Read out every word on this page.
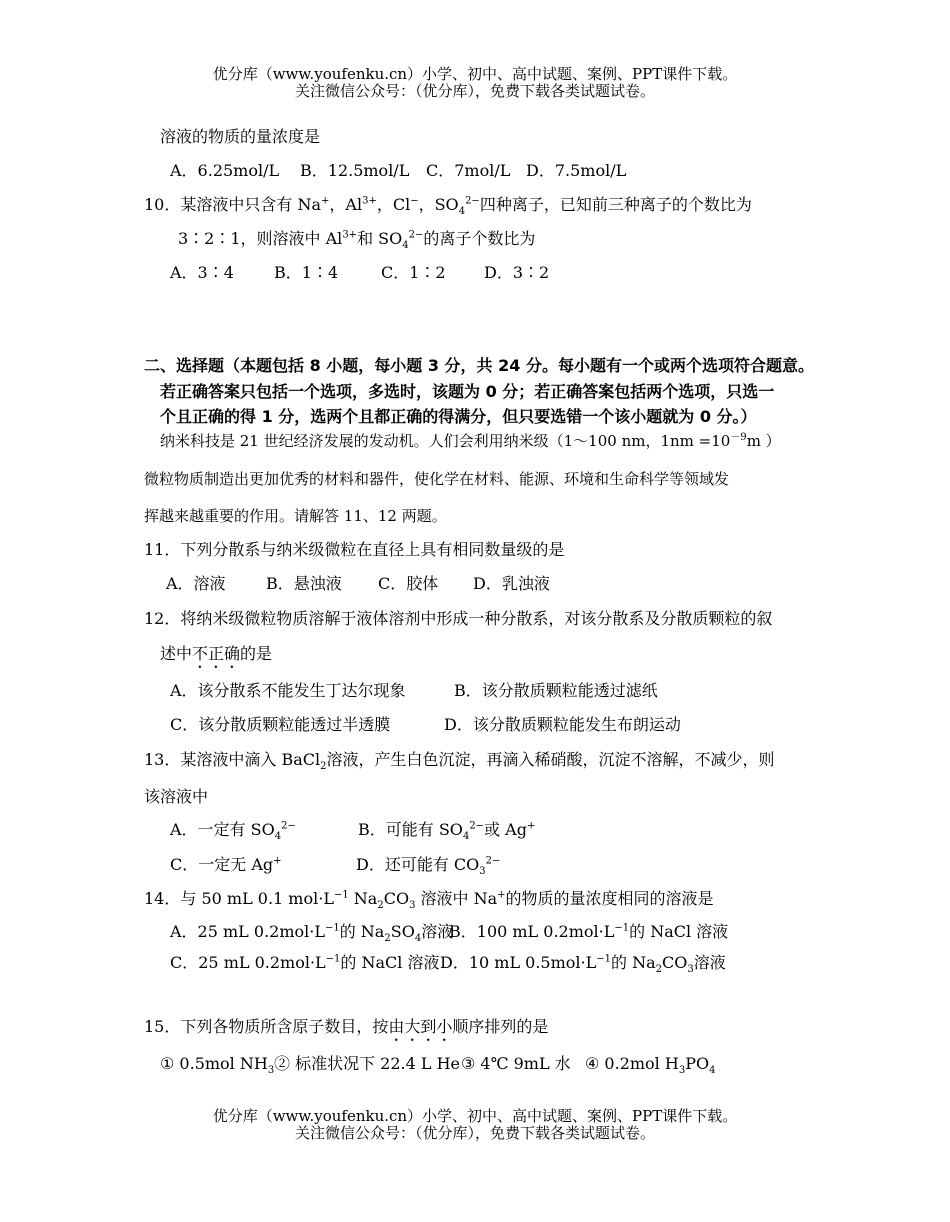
优分库（www.youfenku.cn）小学、初中、高中试题、案例、PPT课件下载。
关注微信公众号：（优分库），免费下载各类试题试卷。
溶液的物质的量浓度是
A．6.25mol/L B．12.5mol/L C．7mol/L D．7.5mol/L
10．某溶液中只含有 Na+，$Al^{3+}$，Cl−，$SO_4^{2-}$四种离子，已知前三种离子的个数比为
3∶2∶1，则溶液中 $Al^{3+}$和 $SO_4^{2-}$的离子个数比为
A．3∶4	B．1∶4	C．1∶2 D．3∶2
二、选择题（本题包括 8 小题，每小题 3 分，共 24 分。每小题有一个或两个选项符合题意。
若正确答案只包括一个选项，多选时，该题为 0 分；若正确答案包括两个选项，只选一
个且正确的得 1 分，选两个且都正确的得满分，但只要选错一个该小题就为 0 分。）
纳米科技是 21 世纪经济发展的发动机。人们会利用纳米级（1～100 nm，$1nm =10^{-9}m$ ）
微粒物质制造出更加优秀的材料和器件，使化学在材料、能源、环境和生命科学等领域发
挥越来越重要的作用。请解答 11、12 两题。
11．下列分散系与纳米级微粒在直径上具有相同数量级的是
A．溶液	B．悬浊液 C．胶体 D．乳浊液
12．将纳米级微粒物质溶解于液体溶剂中形成一种分散系，对该分散系及分散质颗粒的叙
述中不正确的是
A．该分散系不能发生丁达尔现象	B．该分散质颗粒能透过滤纸
C．该分散质颗粒能透过半透膜	D．该分散质颗粒能发生布朗运动
13．某溶液中滴入 BaCl$_2$溶液，产生白色沉淀，再滴入稀硝酸，沉淀不溶解，不减少，则
该溶液中
A．一定有 $SO_4^{2-}$	B．可能有 $SO_4^{2-}$或 Ag+
C．一定无 Ag+	D．还可能有 $CO_3^{2-}$
14．与 50 mL 0.1 $mol\cdot L^{-1}$ $Na_2CO_3$ 溶液中 Na+的物质的量浓度相同的溶液是
A．25 mL $0.2mol\cdot L^{-1}$的 $Na_2SO_4$溶液B．100 mL $0.2mol\cdot L^{-1}$的 NaCl 溶液
C．25 mL $0.2mol\cdot L^{-1}$的 NaCl 溶液D．10 mL $0.5mol\cdot L^{-1}$的 $Na_2CO_3$溶液
15．下列各物质所含原子数目，按由大到小顺序排列的是
① 0.5mol $NH_3②$ 标准状况下 22.4 L He③ 4℃ 9mL 水 ④ 0.2mol $H_3PO_4$
优分库（www.youfenku.cn）小学、初中、高中试题、案例、PPT课件下载。
关注微信公众号：（优分库），免费下载各类试题试卷。
